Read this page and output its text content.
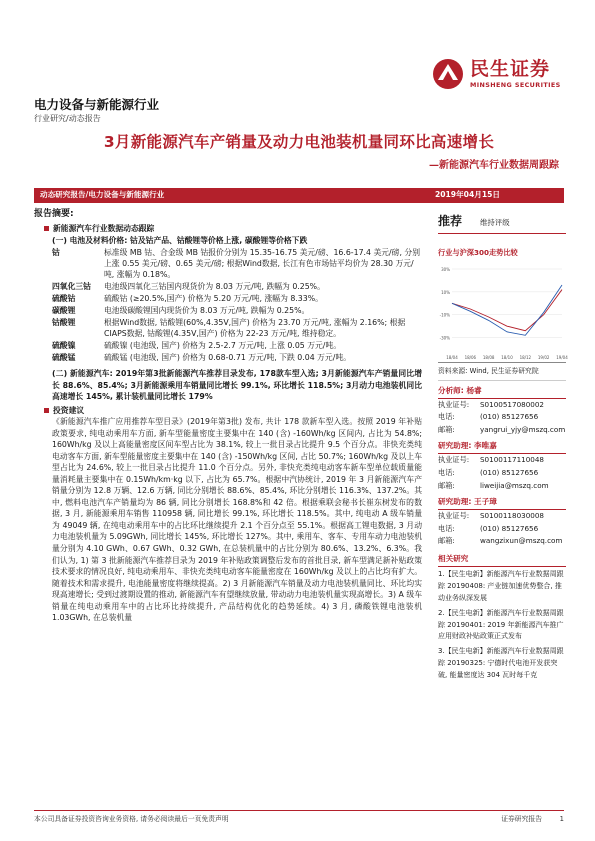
民生证券
MINSHENG SECURITIES
电力设备与新能源行业
行业研究/动态报告
3月新能源汽车产销量及动力电池装机量同环比高速增长
—新能源汽车行业数据周跟踪
动态研究报告/电力设备与新能源行业	2019年04月15日
报告摘要:
新能源汽车行业数据动态跟踪
(一) 电池及材料价格: 钴及钴产品、钴酸锂等价格上涨, 碳酸锂等价格下跌
钴	标准级 MB 钴、合金级 MB 钴报价分别为 15.35-16.75 美元/磅、16.6-17.4 美元/磅, 分别上涨 0.55 美元/磅、0.65 美元/磅; 根据Wind数据, 长江有色市场钴平均价为 28.30 万元/吨, 涨幅为 0.18%。
四氧化三钴	电池级四氧化三钴国内现货价为 8.03 万元/吨, 跌幅为 0.25%。
硫酸钴	硫酸钴 (≥20.5%,国产) 价格为 5.20 万元/吨, 涨幅为 8.33%。
碳酸锂	电池级碳酸锂国内现货价为 8.03 万元/吨, 跌幅为 0.25%。
钴酸锂	根据Wind数据, 钴酸锂(60%,4.35V,国产) 价格为 23.70 万元/吨, 涨幅为 2.16%; 根据CIAPS数据, 钴酸锂(4.35V,国产) 价格为 22-23 万元/吨, 维持稳定。
硫酸镍	硫酸镍 (电池级, 国产) 价格为 2.5-2.7 万元/吨, 上涨 0.05 万元/吨。
硫酸锰	硫酸锰 (电池级, 国产) 价格为 0.68-0.71 万元/吨, 下跌 0.04 万元/吨。
(二) 新能源汽车: 2019年第3批新能源汽车推荐目录发布, 178款车型入选; 3月新能源汽车产销量同比增长 88.6%、85.4%; 3月新能源乘用车销量同比增长 99.1%, 环比增长 118.5%; 3月动力电池装机同比高速增长 145%, 累计装机量同比增长 179%
投资建议
《新能源汽车推广应用推荐车型目录》(2019年第3批) 发布, 共计 178 款新车型入选。按照 2019 年补贴政策要求, 纯电动乘用车方面, 新车型能量密度主要集中在 140 (含) -160Wh/kg 区间内, 占比为 54.8%; 160Wh/kg 及以上高能量密度区间车型占比为 38.1%, 较上一批目录占比提升 9.5 个百分点。非快充类纯电动客车方面, 新车型能量密度主要集中在 140 (含) -150Wh/kg 区间, 占比 50.7%; 160Wh/kg 及以上车型占比为 24.6%, 较上一批目录占比提升 11.0 个百分点。另外, 非快充类纯电动客车新车型单位载质量能量消耗量主要集中在 0.15Wh/km·kg 以下, 占比为 65.7%。根据中汽协统计, 2019 年 3 月新能源汽车产销量分别为 12.8 万辆、12.6 万辆, 同比分别增长 88.6%、85.4%, 环比分别增长 116.3%、137.2%。其中, 燃料电池汽车产销量均为 86 辆, 同比分别增长 168.8%和 42 倍。根据乘联会秘书长崔东树发布的数据, 3 月, 新能源乘用车销售 110958 辆, 同比增长 99.1%, 环比增长 118.5%。其中, 纯电动 A 级车销量为 49049 辆, 在纯电动乘用车中的占比环比继续提升 2.1 个百分点至 55.1%。根据高工锂电数据, 3 月动力电池装机量为 5.09GWh, 同比增长 145%, 环比增长 127%。其中, 乘用车、客车、专用车动力电池装机量分别为 4.10 GWh、0.67 GWh、0.32 GWh, 在总装机量中的占比分别为 80.6%、13.2%、6.3%。我们认为, 1) 第 3 批新能源汽车推荐目录为 2019 年补贴政策调整后发布的首批目录, 新车型满足新补贴政策技术要求的情况良好, 纯电动乘用车、非快充类纯电动客车能量密度在 160Wh/kg 及以上的占比均有扩大。随着技术和需求提升, 电池能量密度将继续提高。2) 3 月新能源汽车销量及动力电池装机量同比、环比均实现高速增长; 受到过渡期设置的推动, 新能源汽车有望继续放量, 带动动力电池装机量实现高增长。3) A 级车销量在纯电动乘用车中的占比环比持续提升, 产品结构优化的趋势延续。4) 3 月, 磷酸铁锂电池装机 1.03GWh, 在总装机量
推荐 维持评级
行业与沪深300走势比较
30%
10%
-10%
-30%
18/04 18/06 18/08 18/10 18/12 19/02 19/04
资料来源: Wind, 民生证券研究院
分析师: 杨睿
执业证号:	S0100517080002
电话:	(010) 85127656
邮箱:	yangrui_yjy@mszq.com
研究助理: 李唯嘉
执业证号:	S0100117110048
电话:	(010) 85127656
邮箱:	liweijia@mszq.com
研究助理: 王子璋
执业证号:	S0100118030008
电话:	(010) 85127656
邮箱:	wangzixun@mszq.com
相关研究
1.【民生电新】新能源汽车行业数据周跟踪 20190408: 产业链加速优势整合, 推动业务纵深发展
2.【民生电新】新能源汽车行业数据周跟踪 20190401: 2019 年新能源汽车推广应用财政补贴政策正式发布
3.【民生电新】新能源汽车行业数据周跟踪 20190325: 宁德时代电池开发获突破, 能量密度达 304 瓦时每千克
本公司具备证券投资咨询业务资格, 请务必阅读最后一页免责声明	证券研究报告	1
